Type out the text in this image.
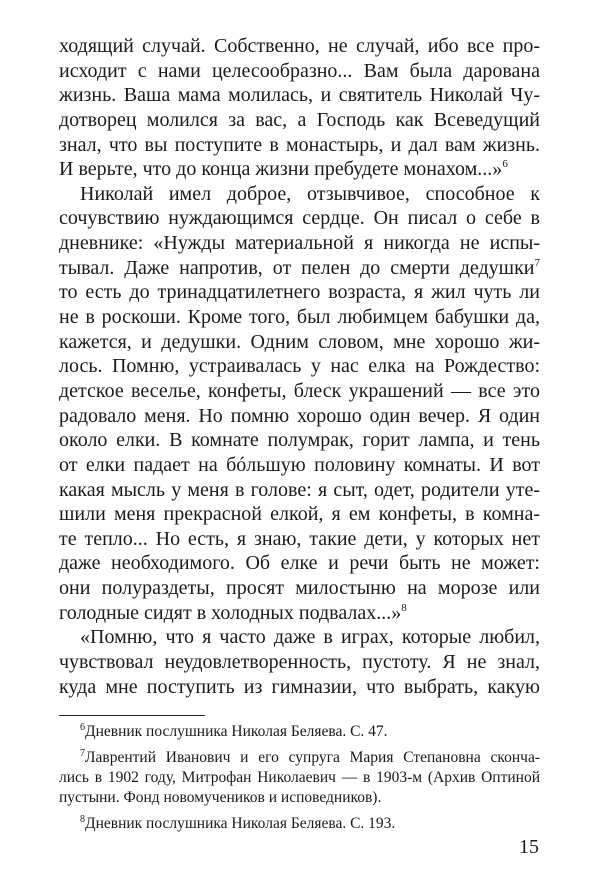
ходящий случай. Собственно, не случай, ибо все про-
исходит с нами целесообразно... Вам была дарована
жизнь. Ваша мама молилась, и святитель Николай Чу-
дотворец молился за вас, а Господь как Всеведущий
знал, что вы поступите в монастырь, и дал вам жизнь.
И верьте, что до конца жизни пребудете монахом...»$^6$
Николай имел доброе, отзывчивое, способное к
сочувствию нуждающимся сердце. Он писал о себе в
дневнике: «Нужды материальной я никогда не испы-
тывал. Даже напротив, от пелен до смерти дедушки$^7$
то есть до тринадцатилетнего возраста, я жил чуть ли
не в роскоши. Кроме того, был любимцем бабушки да,
кажется, и дедушки. Одним словом, мне хорошо жи-
лось. Помню, устраивалась у нас елка на Рождество:
детское веселье, конфеты, блеск украшений — все это
радовало меня. Но помню хорошо один вечер. Я один
около елки. В комнате полумрак, горит лампа, и тень
от елки падает на бóльшую половину комнаты. И вот
какая мысль у меня в голове: я сыт, одет, родители уте-
шили меня прекрасной елкой, я ем конфеты, в комна-
те тепло... Но есть, я знаю, такие дети, у которых нет
даже необходимого. Об елке и речи быть не может:
они полураздеты, просят милостыню на морозе или
голодные сидят в холодных подвалах...»$^8$
«Помню, что я часто даже в играх, которые любил,
чувствовал неудовлетворенность, пустоту. Я не знал,
куда мне поступить из гимназии, что выбрать, какую
$^6$Дневник послушника Николая Беляева. С. 47.
$^7$Лаврентий Иванович и его супруга Мария Степановна сконча-
лись в 1902 году, Митрофан Николаевич — в 1903-м (Архив Оптиной
пустыни. Фонд новомучеников и исповедников).
$^8$Дневник послушника Николая Беляева. С. 193.
15
